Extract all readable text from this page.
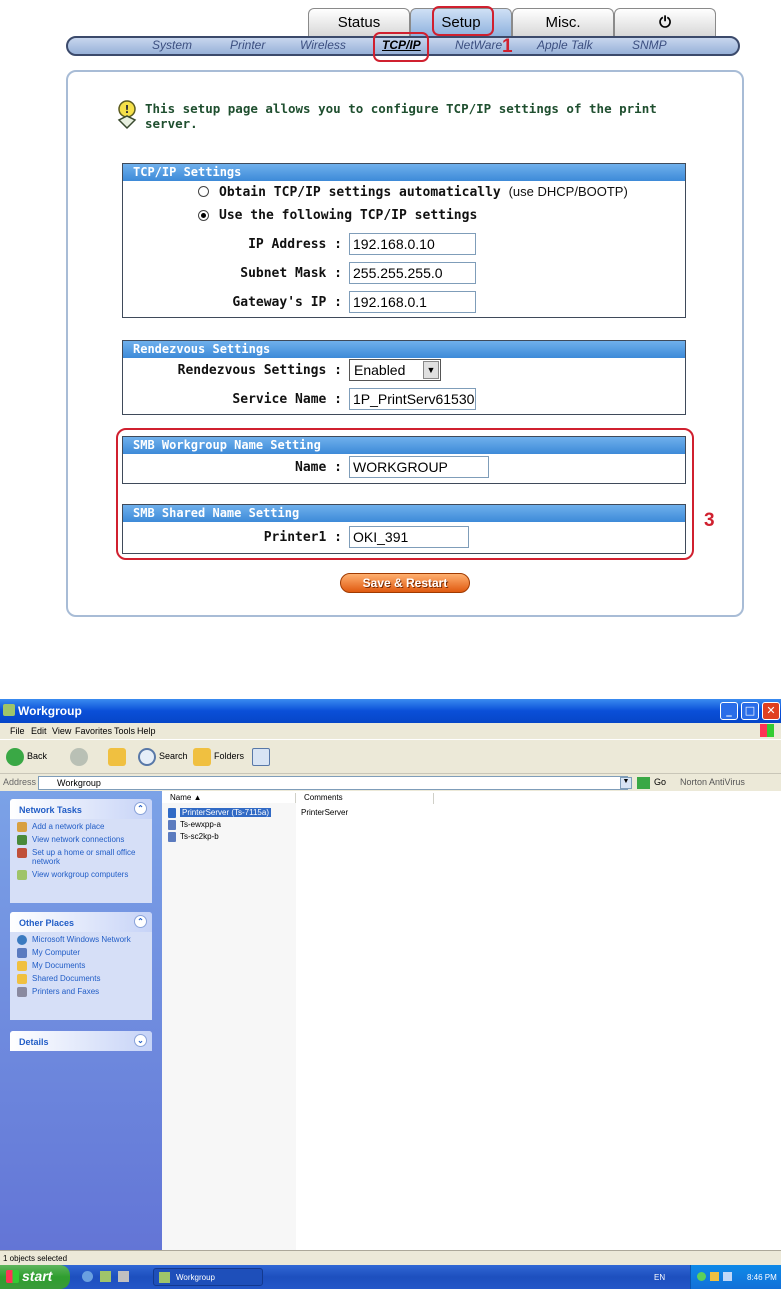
Status	Setup	Misc.	⏻
System	Printer	Wireless	TCP/IP	NetWare	Apple Talk	SNMP
1
! This setup page allows you to configure TCP/IP settings of the print server.
TCP/IP Settings
Obtain TCP/IP settings automatically (use DHCP/BOOTP)
Use the following TCP/IP settings
IP Address : 192.168.0.10
Subnet Mask : 255.255.255.0
Gateway's IP : 192.168.0.1
Rendezvous Settings
Rendezvous Settings : Enabled	▼
Service Name : 1P_PrintServ61530
SMB Workgroup Name Setting
Name : WORKGROUP
SMB Shared Name Setting
Printer1 : OKI_391
3
Save & Restart
Workgroup	_	□	✕
File Edit View Favorites Tools Help
Back	Search	Folders
Address Workgroup	▼	Go Norton AntiVirus
Network Tasks	⌃
Add a network place
View network connections
Set up a home or small office network
View workgroup computers
Other Places	⌃
Microsoft Windows Network
My Computer
My Documents
Shared Documents
Printers and Faxes
Details	⌄
Name ▲	Comments
PrinterServer (Ts-7115a)	PrinterServer
Ts-ewxpp-a
Ts-sc2kp-b
1 objects selected
start	Workgroup	EN	8:46 PM
